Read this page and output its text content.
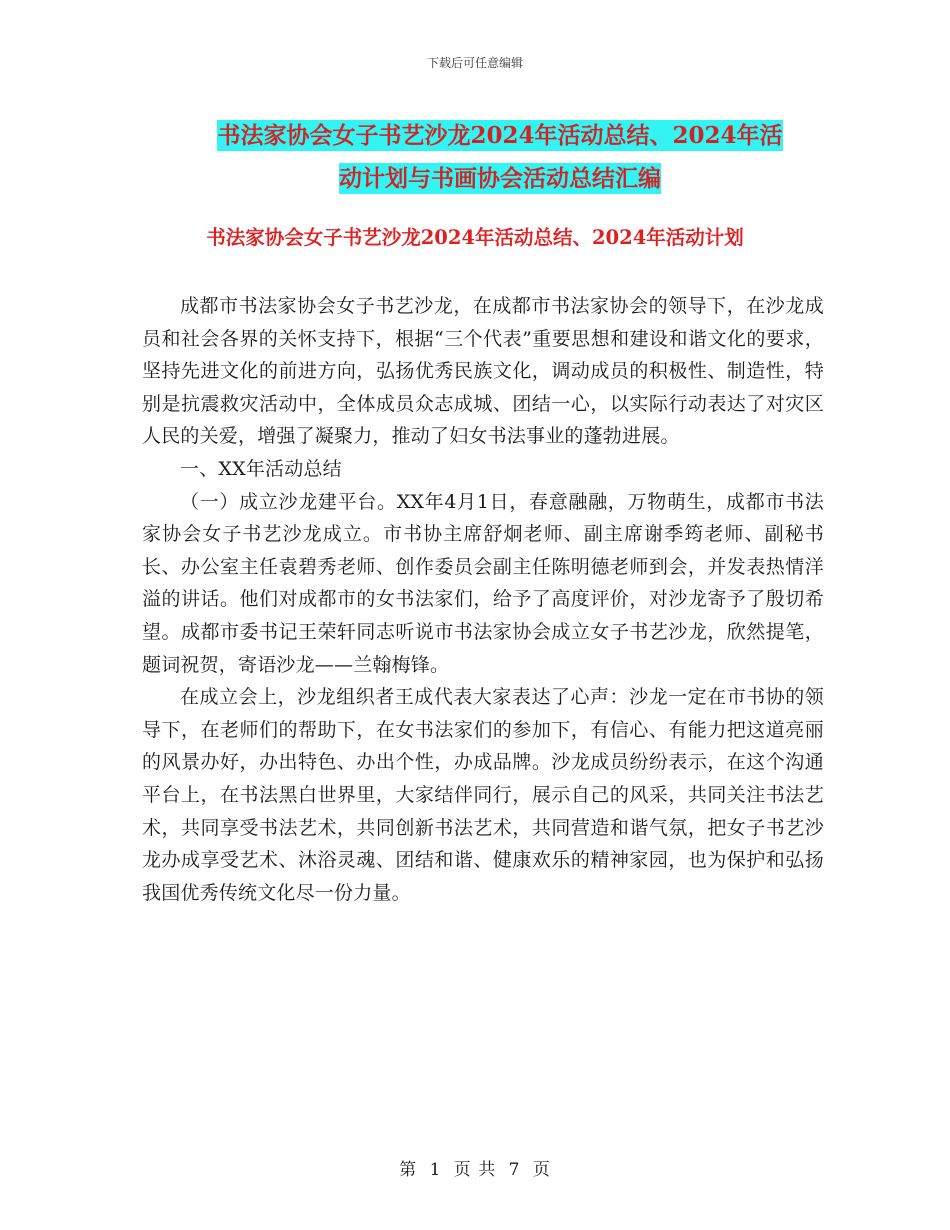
下载后可任意编辑
书法家协会女子书艺沙龙2024年活动总结、2024年活
动计划与书画协会活动总结汇编
书法家协会女子书艺沙龙2024年活动总结、2024年活动计划

成都市书法家协会女子书艺沙龙，在成都市书法家协会的领导下，在沙龙成员和社会各界的关怀支持下，根据“三个代表”重要思想和建设和谐文化的要求，坚持先进文化的前进方向，弘扬优秀民族文化，调动成员的积极性、制造性，特别是抗震救灾活动中，全体成员众志成城、团结一心，以实际行动表达了对灾区人民的关爱，增强了凝聚力，推动了妇女书法事业的蓬勃进展。

一、XX年活动总结

（一）成立沙龙建平台。XX年4月1日，春意融融，万物萌生，成都市书法家协会女子书艺沙龙成立。市书协主席舒炯老师、副主席谢季筠老师、副秘书长、办公室主任袁碧秀老师、创作委员会副主任陈明德老师到会，并发表热情洋溢的讲话。他们对成都市的女书法家们，给予了高度评价，对沙龙寄予了殷切希望。成都市委书记王荣轩同志听说市书法家协会成立女子书艺沙龙，欣然提笔，题词祝贺，寄语沙龙——兰翰梅锋。

在成立会上，沙龙组织者王成代表大家表达了心声：沙龙一定在市书协的领导下，在老师们的帮助下，在女书法家们的参加下，有信心、有能力把这道亮丽的风景办好，办出特色、办出个性，办成品牌。沙龙成员纷纷表示，在这个沟通平台上，在书法黑白世界里，大家结伴同行，展示自己的风采，共同关注书法艺术，共同享受书法艺术，共同创新书法艺术，共同营造和谐气氛，把女子书艺沙龙办成享受艺术、沐浴灵魂、团结和谐、健康欢乐的精神家园，也为保护和弘扬我国优秀传统文化尽一份力量。

第 1 页 共 7 页
